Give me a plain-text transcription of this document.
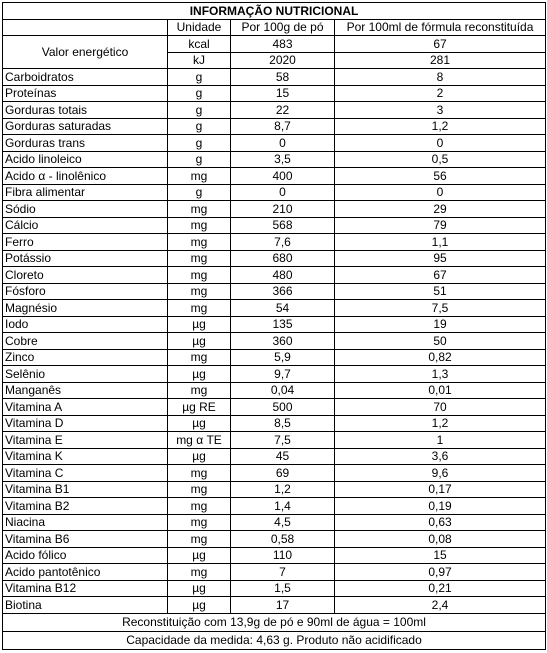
INFORMAÇÃO NUTRICIONAL			
	Unidade	Por 100g de pó	Por 100ml de fórmula reconstituída
Valor energético	kcal	483	67
	kJ	2020	281
Carboidratos	g	58	8
Proteínas	g	15	2
Gorduras totais	g	22	3
Gorduras saturadas	g	8,7	1,2
Gorduras trans	g	0	0
Acido linoleico	g	3,5	0,5
Acido α - linolênico	mg	400	56
Fibra alimentar	g	0	0
Sódio	mg	210	29
Cálcio	mg	568	79
Ferro	mg	7,6	1,1
Potássio	mg	680	95
Cloreto	mg	480	67
Fósforo	mg	366	51
Magnésio	mg	54	7,5
Iodo	µg	135	19
Cobre	µg	360	50
Zinco	mg	5,9	0,82
Selênio	µg	9,7	1,3
Manganês	mg	0,04	0,01
Vitamina A	µg RE	500	70
Vitamina D	µg	8,5	1,2
Vitamina E	mg α TE	7,5	1
Vitamina K	µg	45	3,6
Vitamina C	mg	69	9,6
Vitamina B1	mg	1,2	0,17
Vitamina B2	mg	1,4	0,19
Niacina	mg	4,5	0,63
Vitamina B6	mg	0,58	0,08
Acido fólico	µg	110	15
Acido pantotênico	mg	7	0,97
Vitamina B12	µg	1,5	0,21
Biotina	µg	17	2,4
Reconstituição com 13,9g de pó e 90ml de água = 100ml			
Capacidade da medida: 4,63 g. Produto não acidificado			
